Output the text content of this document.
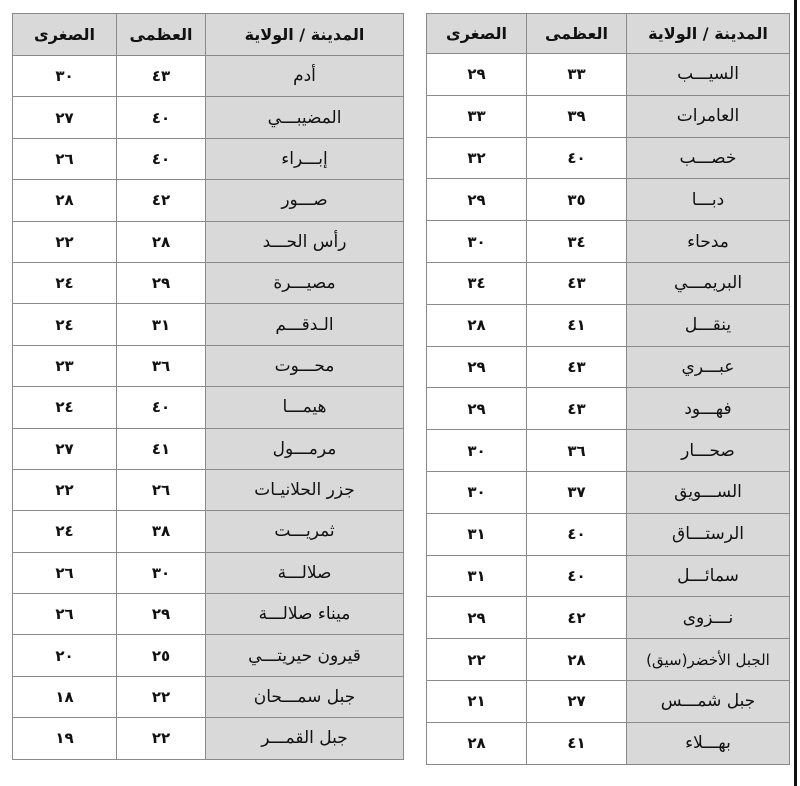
المدينة / الولاية	العظمى	الصغرى
أدم	٤٣	٣٠
المضيبـــي	٤٠	٢٧
إبـــراء	٤٠	٢٦
صـــور	٤٢	٢٨
رأس الحـــد	٢٨	٢٢
مصيـــرة	٢٩	٢٤
الـدقـــم	٣١	٢٤
محـــوت	٣٦	٢٣
هيمـــا	٤٠	٢٤
مرمـــول	٤١	٢٧
جزر الحلانيـات	٢٦	٢٢
ثمريـــت	٣٨	٢٤
صلالـــة	٣٠	٢٦
ميناء صلالـــة	٢٩	٢٦
قيرون حيريتـــي	٢٥	٢٠
جبل سمـــحان	٢٢	١٨
جبل القمـــر	٢٢	١٩
المدينة / الولاية	العظمى	الصغرى
السيـــب	٣٣	٢٩
العامرات	٣٩	٣٣
خصـــب	٤٠	٣٢
دبـــا	٣٥	٢٩
مدحاء	٣٤	٣٠
البريمـــي	٤٣	٣٤
ينقـــل	٤١	٢٨
عبـــري	٤٣	٢٩
فهـــود	٤٣	٢٩
صحـــار	٣٦	٣٠
الســـويق	٣٧	٣٠
الرستـــاق	٤٠	٣١
سمائـــل	٤٠	٣١
نـــزوى	٤٢	٢٩
الجبل الأخضر(سيق)	٢٨	٢٢
جبل شمـــس	٢٧	٢١
بهـــلاء	٤١	٢٨
